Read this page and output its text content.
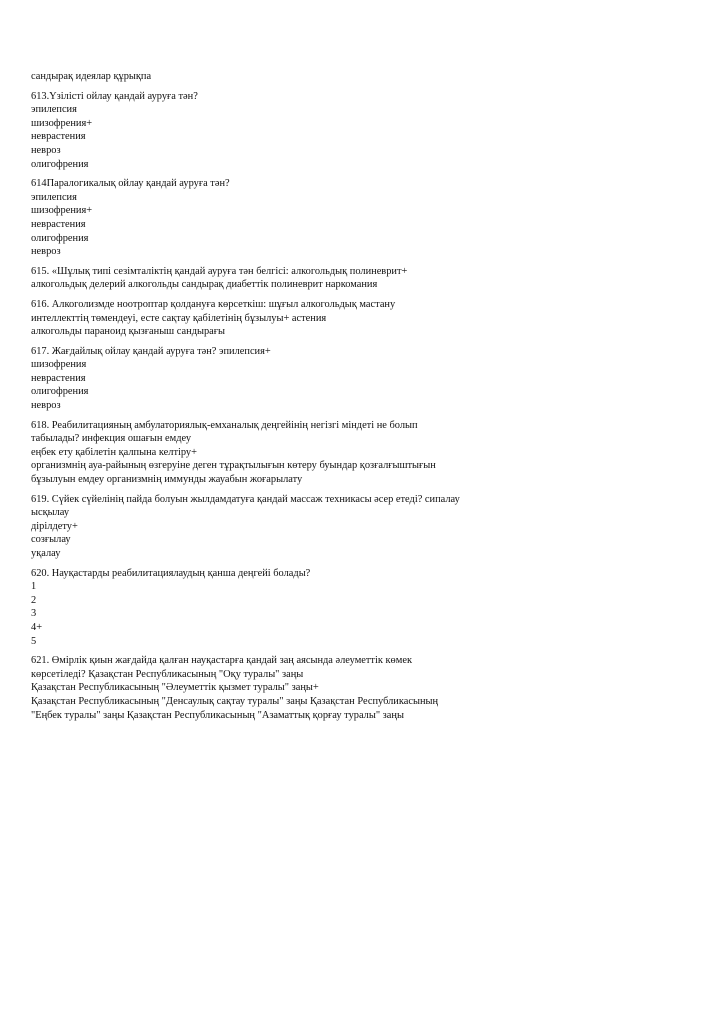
сандырақ идеялар құрықпа
613.Үзілісті ойлау қандай ауруға тән?
эпилепсия
шизофрения+
неврастения
невроз
олигофрения
614Паралогикалық ойлау қандай ауруға тән?
эпилепсия
шизофрения+
неврастения
олигофрения
невроз
615. «Шұлық типі сезімталіктің қандай ауруға тән белгісі: алкогольдық полиневрит+
алкогольдық делерий алкогольды сандырақ диабеттік полиневрит наркомания
616. Алкоголизмде ноотроптар қолдануға көрсеткіш: шұғыл алкогольдық мастану
интеллекттің төмендеуі, есте сақтау қабілетінің бұзылуы+ астения
алкогольды параноид қызғаныш сандырағы
617. Жағдайлық ойлау қандай ауруға тән? эпилепсия+
шизофрения
неврастения
олигофрения
невроз
618. Реабилитацияның амбулаториялық-емханалық деңгейінің негізгі міндеті не болып
табылады? инфекция ошағын емдеу
еңбек ету қабілетін қалпына келтіру+
организмнің ауа-райының өзгеруіне деген тұрақтылығын көтеру буындар қозғалғыштығын
бұзылуын емдеу организмнің иммунды жауабын жоғарылату
619. Сүйек сүйелінің пайда болуын жылдамдатуға қандай массаж техникасы әсер етеді? сипалау
ысқылау
дірілдету+
созғылау
уқалау
620. Науқастарды реабилитациялаудың қанша деңгейі болады?
1
2
3
4+
5
621. Өмірлік қиын жағдайда қалған науқастарға қандай заң аясында әлеуметтік көмек
көрсетіледі? Қазақстан Республикасының "Оқу туралы" заңы
Қазақстан Республикасының "Әлеуметтік қызмет туралы" заңы+
Қазақстан Республикасының "Денсаулық сақтау туралы" заңы Қазақстан Республикасының
"Еңбек туралы" заңы Қазақстан Республикасының "Азаматтық қорғау туралы" заңы
